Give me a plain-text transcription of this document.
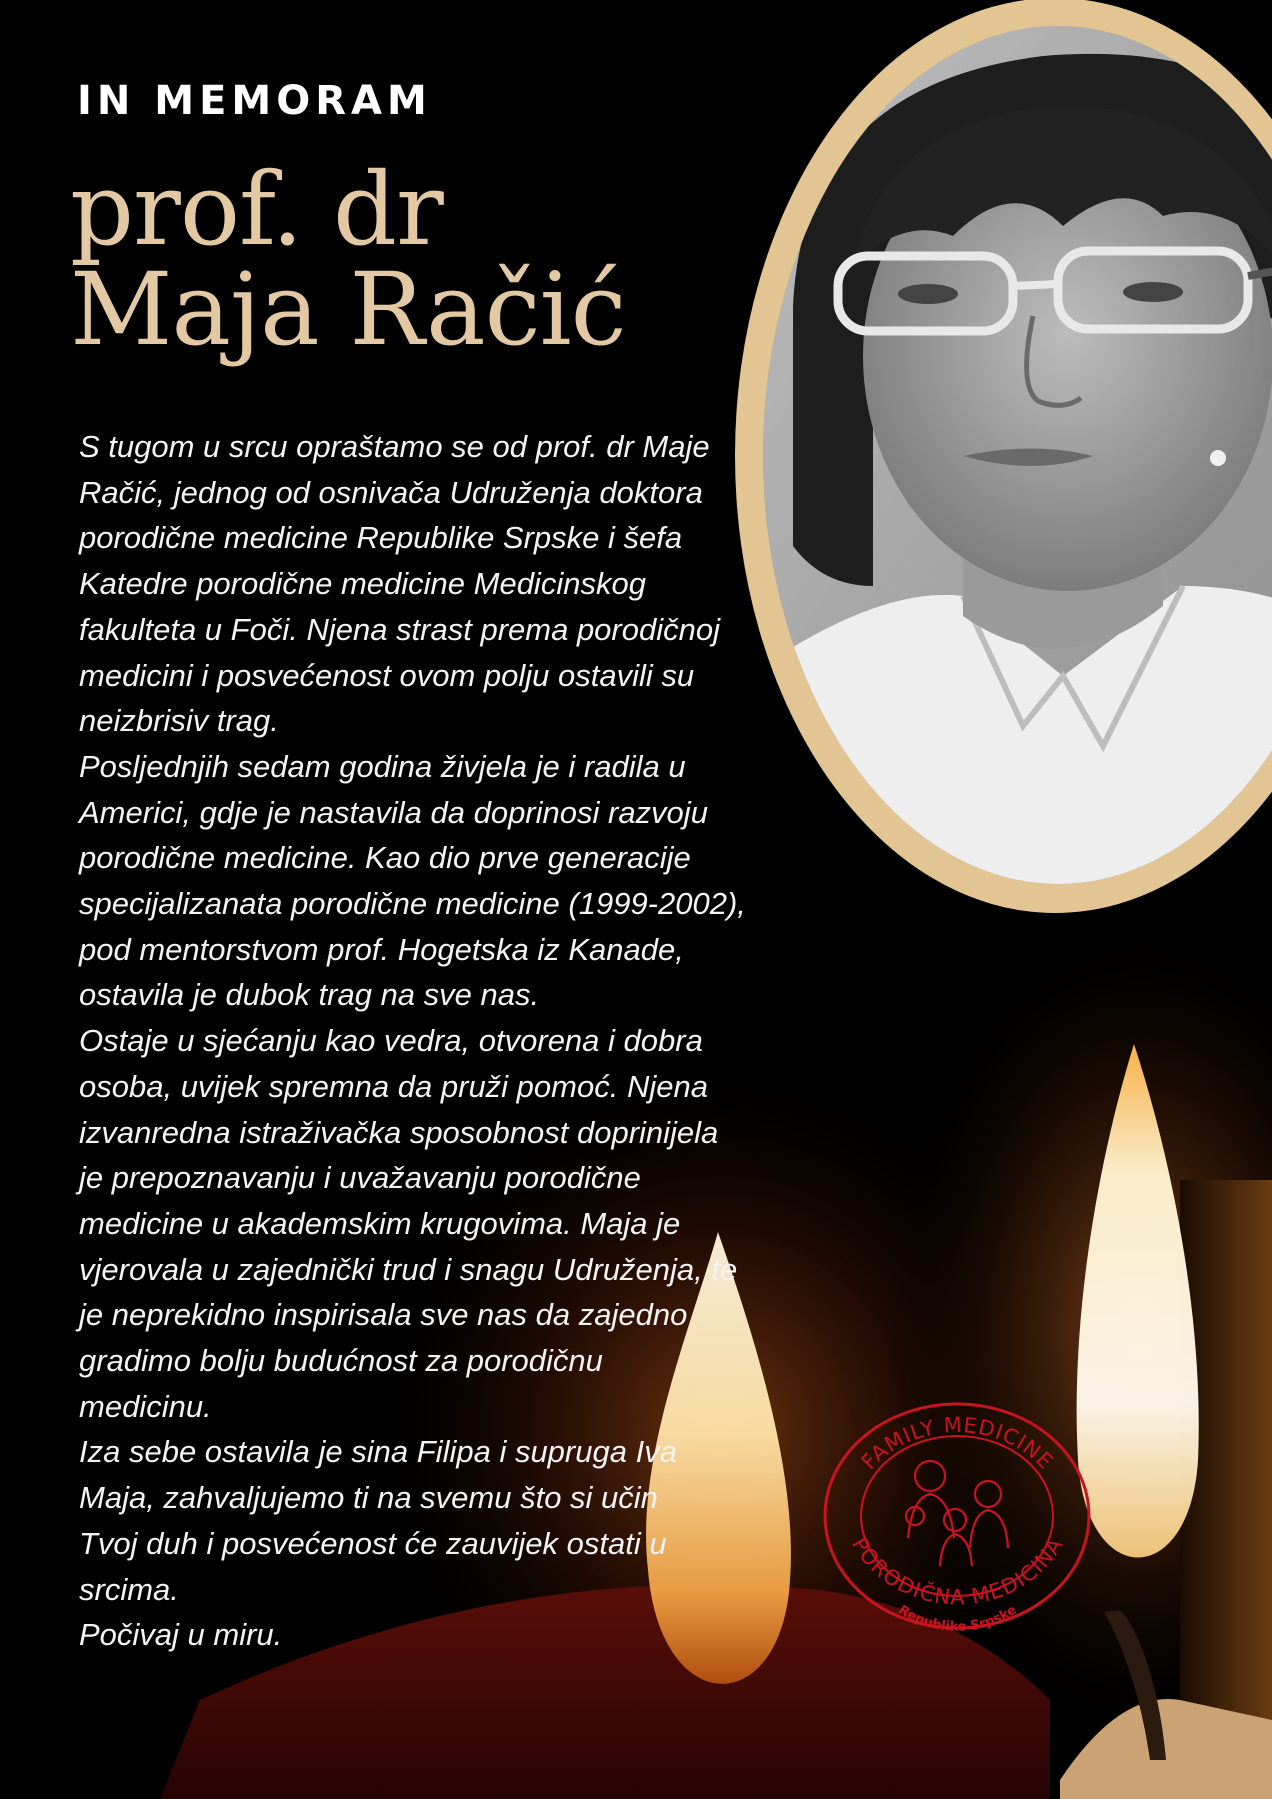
IN MEMORAM
prof. dr
Maja Račić
S tugom u srcu opraštamo se od prof. dr Maje
Račić, jednog od osnivača Udruženja doktora
porodične medicine Republike Srpske i šefa
Katedre porodične medicine Medicinskog
fakulteta u Foči. Njena strast prema porodičnoj
medicini i posvećenost ovom polju ostavili su
neizbrisiv trag.
Posljednjih sedam godina živjela je i radila u
Americi, gdje je nastavila da doprinosi razvoju
porodične medicine. Kao dio prve generacije
specijalizanata porodične medicine (1999-2002),
pod mentorstvom prof. Hogetska iz Kanade,
ostavila je dubok trag na sve nas.
Ostaje u sjećanju kao vedra, otvorena i dobra
osoba, uvijek spremna da pruži pomoć. Njena
izvanredna istraživačka sposobnost doprinijela
je prepoznavanju i uvažavanju porodične
medicine u akademskim krugovima. Maja je
vjerovala u zajednički trud i snagu Udruženja, te
je neprekidno inspirisala sve nas da zajedno
gradimo bolju budućnost za porodičnu
medicinu.
Iza sebe ostavila je sina Filipa i supruga Iva
Maja, zahvaljujemo ti na svemu što si učin
Tvoj duh i posvećenost će zauvijek ostati u
srcima.
Počivaj u miru.
FAMILY MEDICINE
PORODIČNA MEDICINA
Republike Srpske
